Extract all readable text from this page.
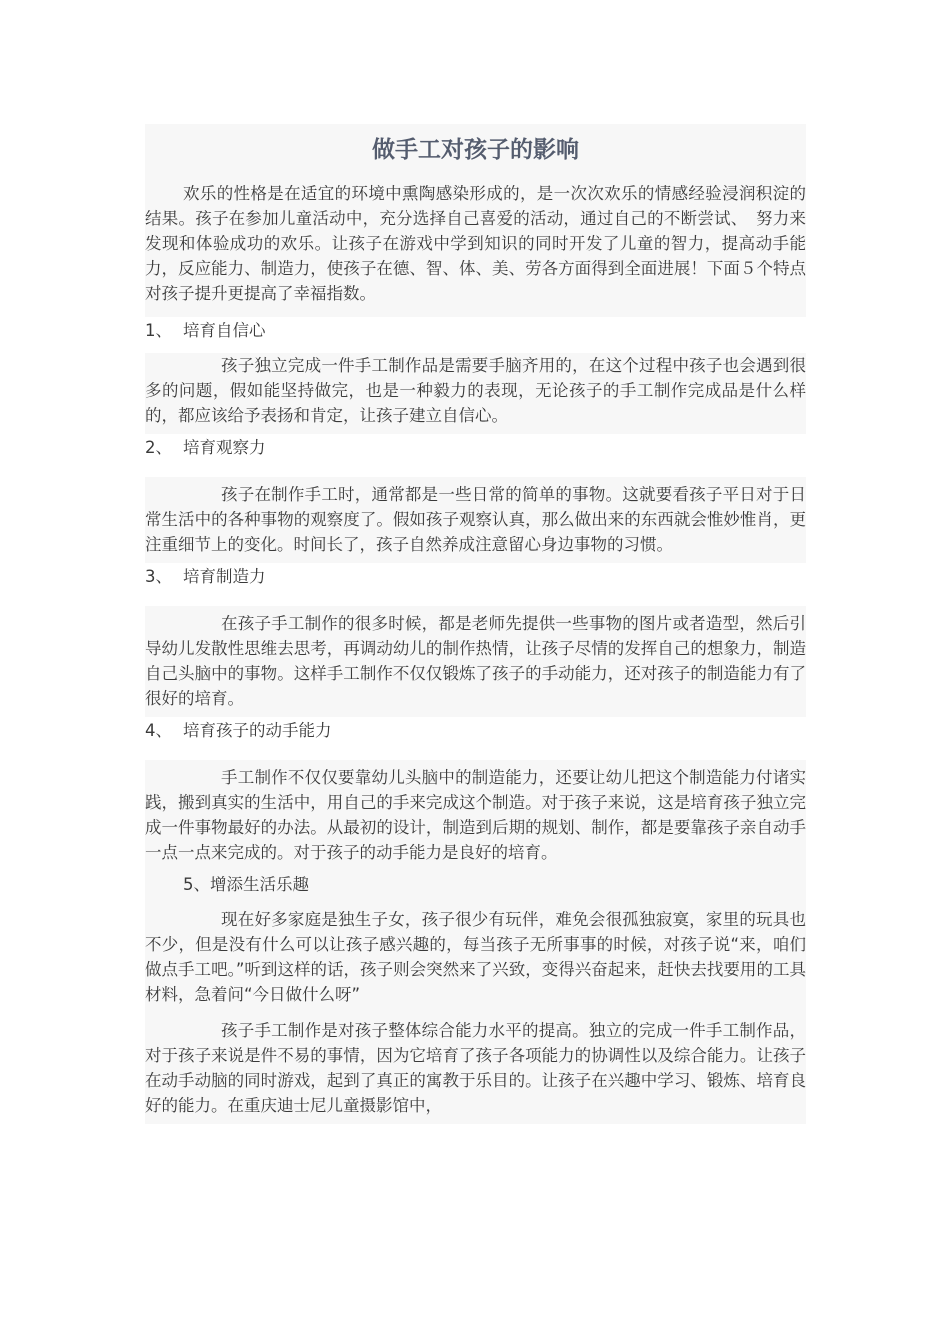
做手工对孩子的影响

欢乐的性格是在适宜的环境中熏陶感染形成的，是一次次欢乐的情感经验浸润积淀的结果。孩子在参加儿童活动中，充分选择自己喜爱的活动，通过自己的不断尝试、　努力来发现和体验成功的欢乐。让孩子在游戏中学到知识的同时开发了儿童的智力，提高动手能力，反应能力、制造力，使孩子在德、智、体、美、劳各方面得到全面进展！下面５个特点对孩子提升更提高了幸福指数。

1、 培育自信心

孩子独立完成一件手工制作品是需要手脑齐用的，在这个过程中孩子也会遇到很多的问题，假如能坚持做完，也是一种毅力的表现，无论孩子的手工制作完成品是什么样的，都应该给予表扬和肯定，让孩子建立自信心。

2、 培育观察力

孩子在制作手工时，通常都是一些日常的简单的事物。这就要看孩子平日对于日常生活中的各种事物的观察度了。假如孩子观察认真，那么做出来的东西就会惟妙惟肖，更注重细节上的变化。时间长了，孩子自然养成注意留心身边事物的习惯。

3、 培育制造力

在孩子手工制作的很多时候，都是老师先提供一些事物的图片或者造型，然后引导幼儿发散性思维去思考，再调动幼儿的制作热情，让孩子尽情的发挥自己的想象力，制造自己头脑中的事物。这样手工制作不仅仅锻炼了孩子的手动能力，还对孩子的制造能力有了很好的培育。

4、 培育孩子的动手能力

手工制作不仅仅要靠幼儿头脑中的制造能力，还要让幼儿把这个制造能力付诸实践，搬到真实的生活中，用自己的手来完成这个制造。对于孩子来说，这是培育孩子独立完成一件事物最好的办法。从最初的设计，制造到后期的规划、制作，都是要靠孩子亲自动手一点一点来完成的。对于孩子的动手能力是良好的培育。

5、增添生活乐趣

现在好多家庭是独生子女，孩子很少有玩伴，难免会很孤独寂寞，家里的玩具也不少，但是没有什么可以让孩子感兴趣的，每当孩子无所事事的时候，对孩子说“来，咱们做点手工吧。”听到这样的话，孩子则会突然来了兴致，变得兴奋起来，赶快去找要用的工具材料，急着问“今日做什么呀”

孩子手工制作是对孩子整体综合能力水平的提高。独立的完成一件手工制作品，对于孩子来说是件不易的事情，因为它培育了孩子各项能力的协调性以及综合能力。让孩子在动手动脑的同时游戏，起到了真正的寓教于乐目的。让孩子在兴趣中学习、锻炼、培育良好的能力。在重庆迪士尼儿童摄影馆中，
